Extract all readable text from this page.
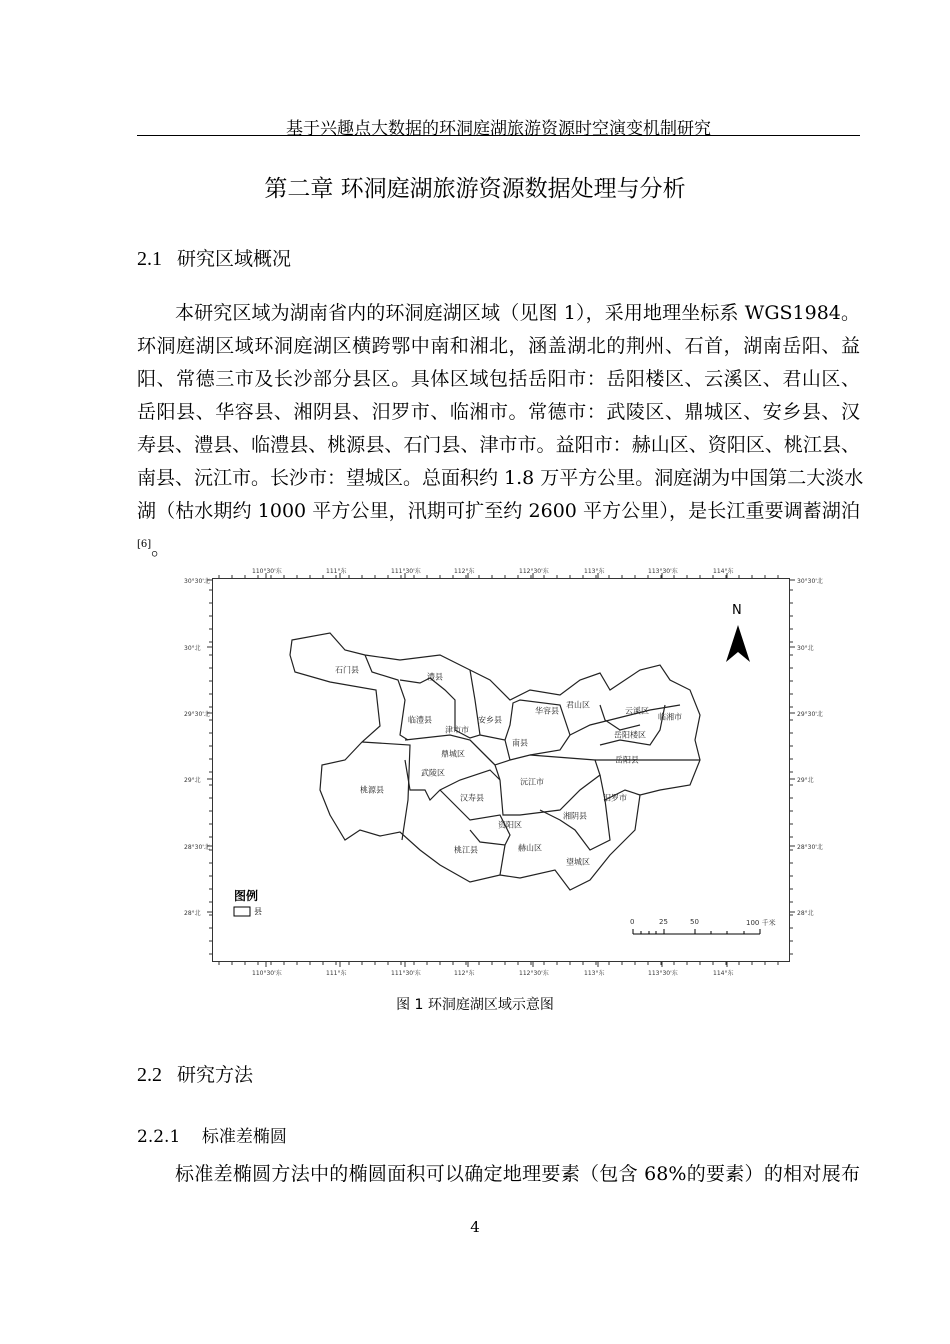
基于兴趣点大数据的环洞庭湖旅游资源时空演变机制研究
第二章 环洞庭湖旅游资源数据处理与分析
2.1 研究区域概况
本研究区域为湖南省内的环洞庭湖区域（见图 1），采用地理坐标系 WGS1984。
环洞庭湖区域环洞庭湖区横跨鄂中南和湘北，涵盖湖北的荆州、石首，湖南岳阳、益
阳、常德三市及长沙部分县区。具体区域包括岳阳市：岳阳楼区、云溪区、君山区、
岳阳县、华容县、湘阴县、汨罗市、临湘市。常德市：武陵区、鼎城区、安乡县、汉
寿县、澧县、临澧县、桃源县、石门县、津市市。益阳市：赫山区、资阳区、桃江县、
南县、沅江市。长沙市：望城区。总面积约 1.8 万平方公里。洞庭湖为中国第二大淡水
湖（枯水期约 1000 平方公里，汛期可扩至约 2600 平方公里），是长江重要调蓄湖泊
[6]。
N
图例
县
0	25	50	100 千米
图 1 环洞庭湖区域示意图
2.2 研究方法
2.2.1 标准差椭圆
标准差椭圆方法中的椭圆面积可以确定地理要素（包含 68%的要素）的相对展布
4
110°30'东
110°30'东
111°东
111°东
111°30'东
111°30'东
112°东
112°东
112°30'东
112°30'东
113°东
113°东
113°30'东
113°30'东
114°东
114°东
30°30'北	30°30'北
30°北	30°北
29°30'北	29°30'北
29°北	29°北
28°30'北	28°30'北
28°北	28°北
石门县
澧县
临澧县
津市市
安乡县
华容县
君山区
云溪区
临湘市
岳阳楼区
南县
鼎城区
岳阳县
武陵区
桃源县
沅江市
汉寿县	汨罗市
湘阴县
资阳区
桃江县	赫山区
望城区
